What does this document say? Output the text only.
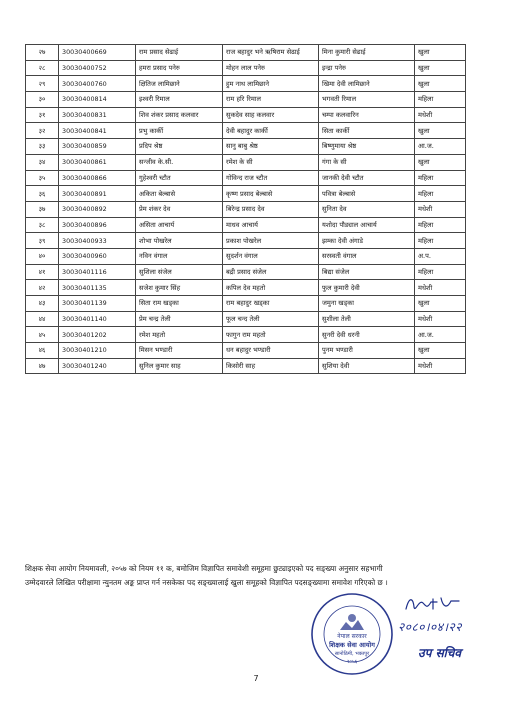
२७	30030400669	राम प्रसाद सेढाई	राज बहादुर भने ऋषिराम सेढाई	मिना कुमारी सेढाई	खुला
२८	30030400752	हमरा प्रसाद पनेरु	मोहन लाल पनेरु	इन्द्रा पनेरु	खुला
२९	30030400760	क्षितिज लामिछाने	हुम नाथ लामिछाने	खिमा देवी लामिछाने	खुला
३०	30030400814	इश्वरी रिमाल	राम हरि रिमाल	भगवती रिमाल	महिला
३१	30030400831	शिव शंकर प्रसाद कलवार	सुकदेव साह कलवार	चम्पा कलवारिन	मधेशी
३२	30030400841	प्रभु कार्की	देवी बहादुर कार्की	सिता कार्की	खुला
३३	30030400859	प्रदिप श्रेष्ठ	सानु बाबु श्रेष्ठ	बिष्णुमाया श्रेष्ठ	आ.ज.
३४	30030400861	सन्जीव के.सी.	रमेश के सी	गंगा के सी	खुला
३५	30030400866	गुहेश्वरी च्टौत	गोविन्द राज च्टौत	जानकी देवी च्टौत	महिला
३६	30030400891	अकिता बेल्बासे	कृष्ण प्रसाद बेल्बासे	पवित्रा बेल्बासे	महिला
३७	30030400892	प्रेम शंकर देव	बिरेन्द्र प्रसाद देव	सुनिता देव	मधेशी
३८	30030400896	असिता आचार्य	माधव आचार्य	यशोदा पौड्याल आचार्य	महिला
३९	30030400933	शोभा पोखरेल	प्रकाश पोखरेल	झम्का देवी अंगाडे	महिला
४०	30030400960	नविन वंगाल	सुदर्शन वंगाल	सरस्वती वंगाल	अ.प.
४१	30030401116	सुशिला संजेल	बद्री प्रसाद संजेल	बिद्या संजेल	महिला
४२	30030401135	सजेश कुमार सिंह	कपिल देव महतो	फुल कुमारी देवी	मधेशी
४३	30030401139	सिता राम खड्का	राम बहादुर खड्का	जमुना खड्का	खुला
४४	30030401140	प्रेम चन्द्र तेली	फूल चन्द तेली	सुशीला तेली	मधेशी
४५	30030401202	रमेश महतो	फागुन राम महतो	सुनरी देवी धरनी	आ.ज.
४६	30030401210	मिसन भण्डारी	धन बहादुर भण्डारी	पुनम भण्डारी	खुला
४७	30030401240	सुनिल कुमार साह	किसोरी साह	सुशिया देवी	मधेशी

शिक्षक सेवा आयोग नियमावली, २०५७ को नियम ११ क, बमोजिम विज्ञापित समावेशी समूहमा छुट्याइएको पद सङ्ख्या अनुसार सहभागी

उम्मेदवारले लिखित परीक्षामा न्युनतम अङ्क प्राप्त गर्न नसकेका पद सङ्ख्यालाई खुला समूहको विज्ञापित पदसङ्ख्यामा समावेश गरिएको छ ।

नेपाल सरकार
शिक्षक सेवा आयोग
सानोठिमी, भक्तपुर
२०५६
२०८०।०४।२२
उप सचिव
7
